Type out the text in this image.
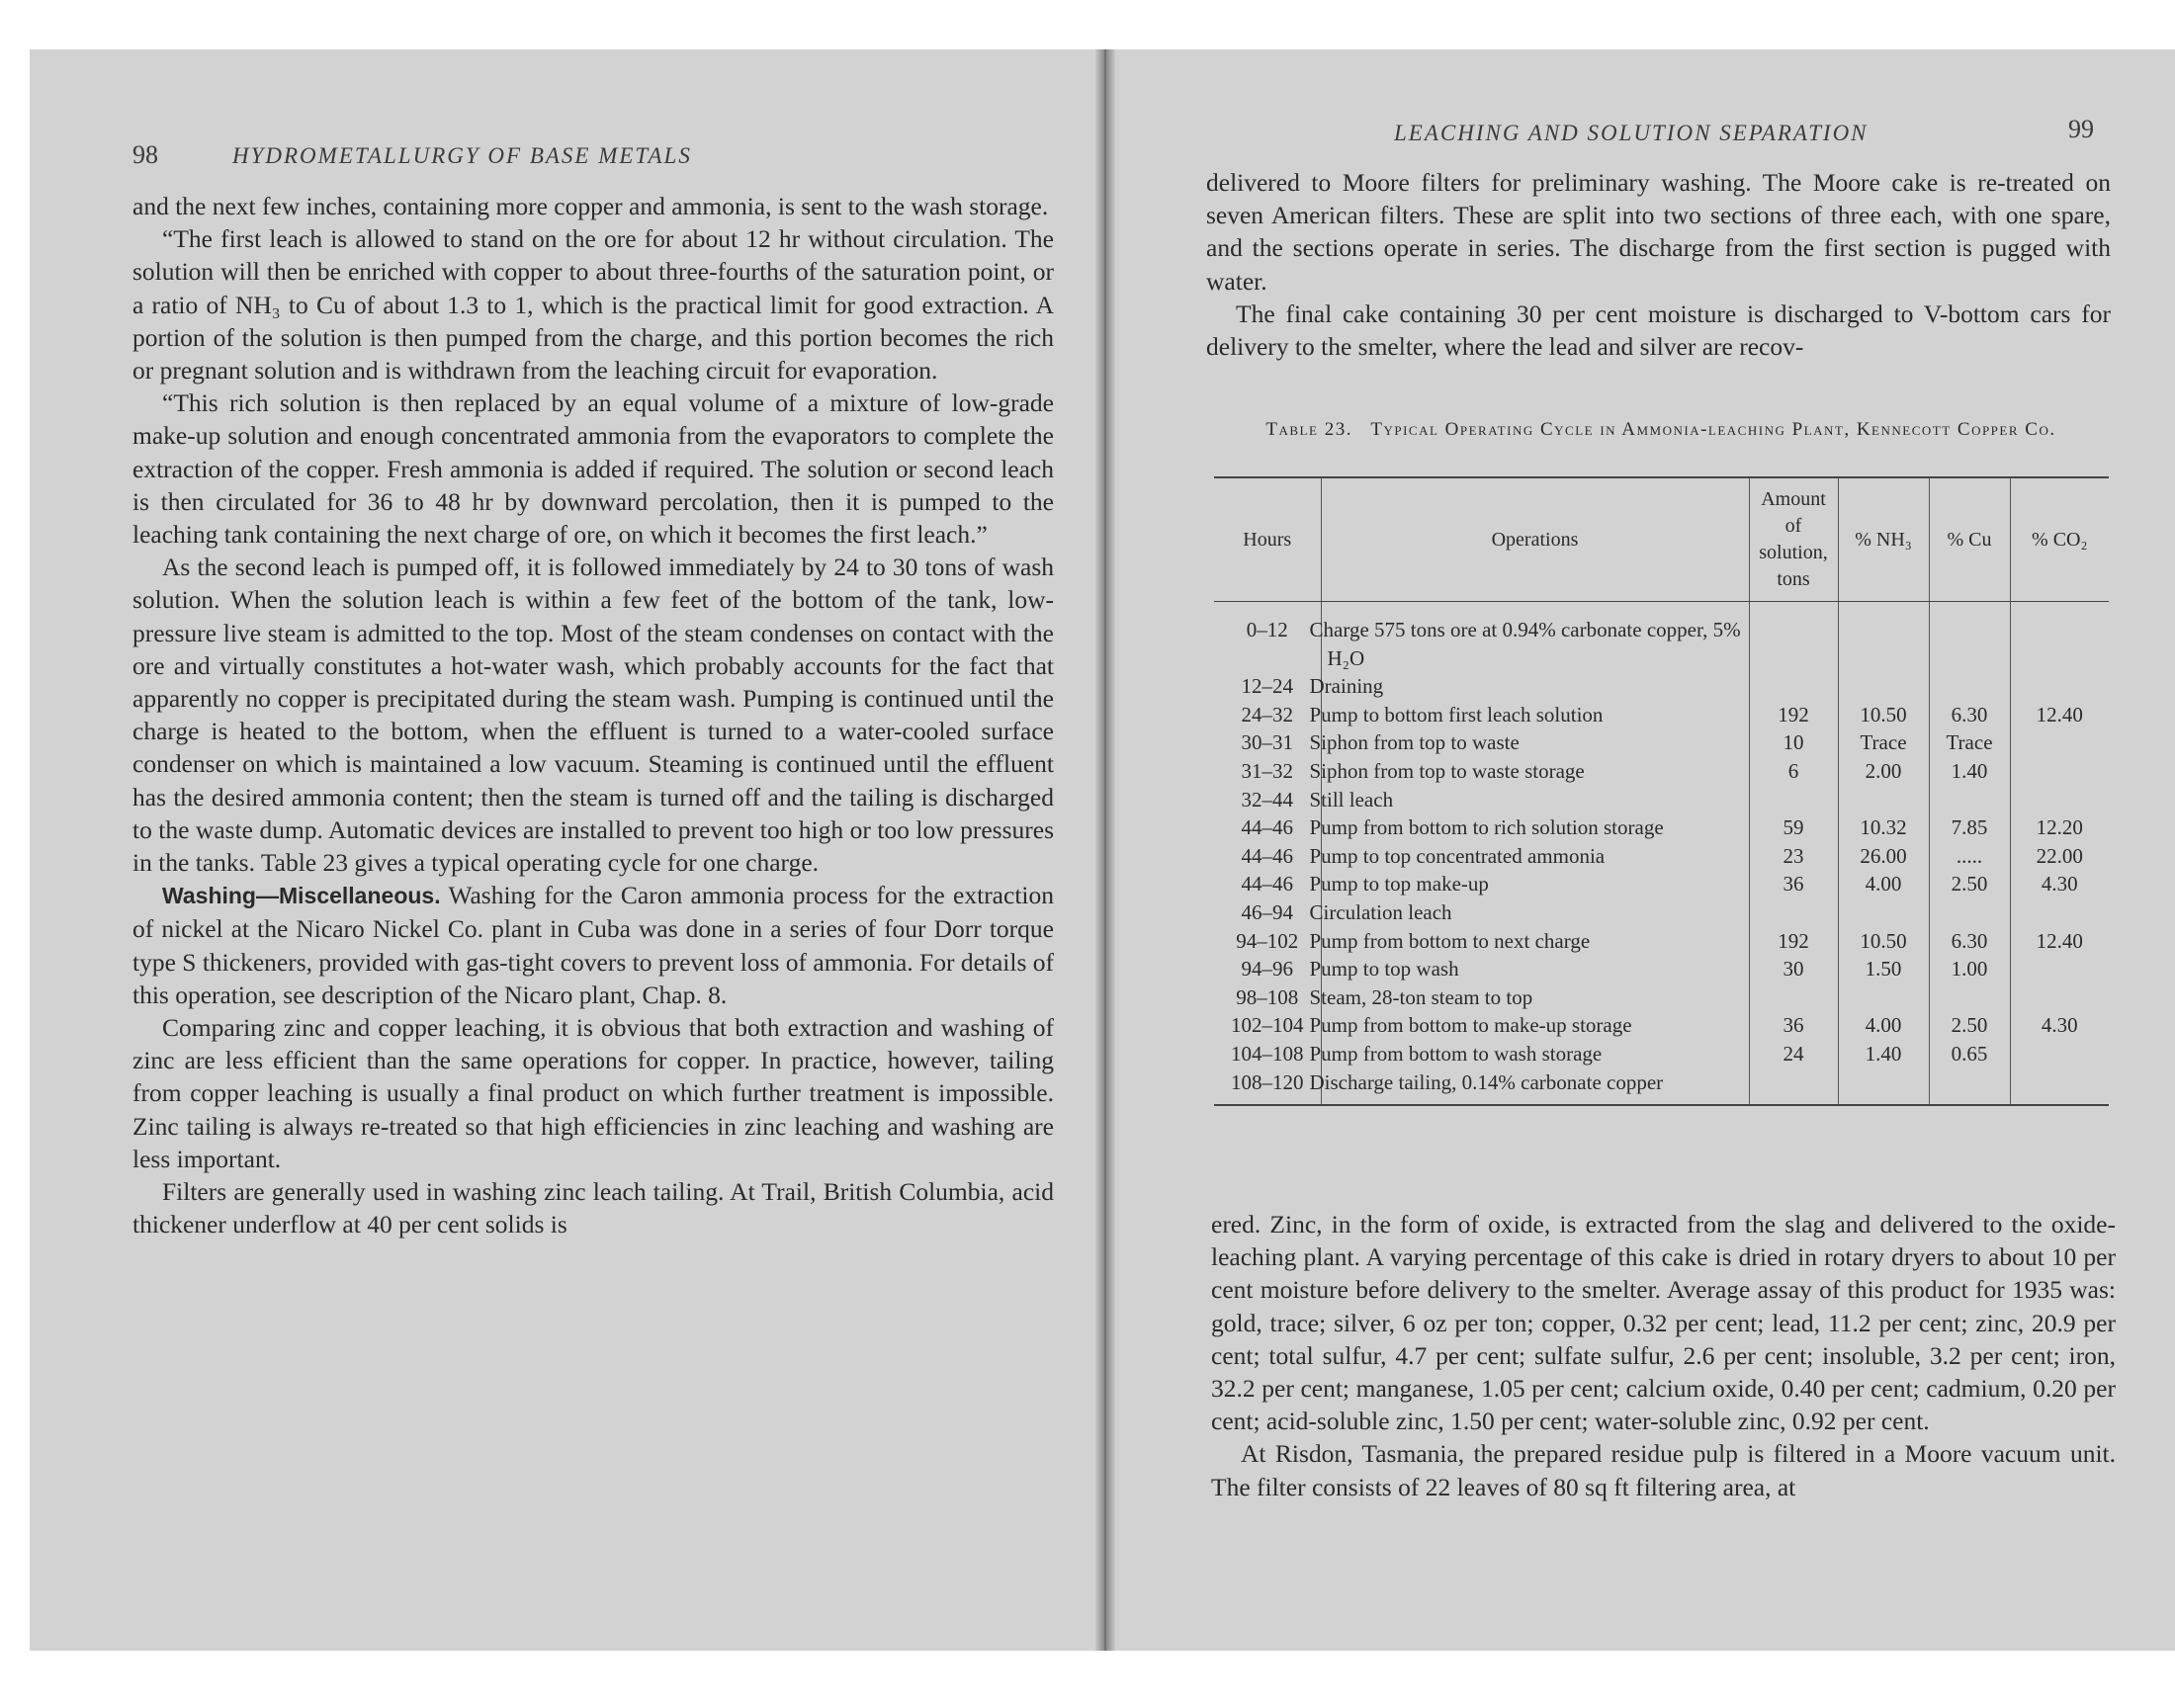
98	HYDROMETALLURGY OF BASE METALS

and the next few inches, containing more copper and ammonia, is sent to the wash storage.

“The first leach is allowed to stand on the ore for about 12 hr without circulation. The solution will then be enriched with copper to about three-fourths of the saturation point, or a ratio of NH₃ to Cu of about 1.3 to 1, which is the practical limit for good extraction. A portion of the solution is then pumped from the charge, and this portion becomes the rich or pregnant solution and is withdrawn from the leaching circuit for evaporation.

“This rich solution is then replaced by an equal volume of a mixture of low-grade make-up solution and enough concentrated ammonia from the evaporators to complete the extraction of the copper. Fresh ammonia is added if required. The solution or second leach is then circulated for 36 to 48 hr by downward percolation, then it is pumped to the leaching tank containing the next charge of ore, on which it becomes the first leach.”

As the second leach is pumped off, it is followed immediately by 24 to 30 tons of wash solution. When the solution leach is within a few feet of the bottom of the tank, low-pressure live steam is admitted to the top. Most of the steam condenses on contact with the ore and virtually constitutes a hot-water wash, which probably accounts for the fact that apparently no copper is precipitated during the steam wash. Pumping is continued until the charge is heated to the bottom, when the effluent is turned to a water-cooled surface condenser on which is maintained a low vacuum. Steaming is continued until the effluent has the desired ammonia content; then the steam is turned off and the tailing is discharged to the waste dump. Automatic devices are installed to prevent too high or too low pressures in the tanks. Table 23 gives a typical operating cycle for one charge.

Washing—Miscellaneous. Washing for the Caron ammonia process for the extraction of nickel at the Nicaro Nickel Co. plant in Cuba was done in a series of four Dorr torque type S thickeners, provided with gas-tight covers to prevent loss of ammonia. For details of this operation, see description of the Nicaro plant, Chap. 8.

Comparing zinc and copper leaching, it is obvious that both extraction and washing of zinc are less efficient than the same operations for copper. In practice, however, tailing from copper leaching is usually a final product on which further treatment is impossible. Zinc tailing is always re-treated so that high efficiencies in zinc leaching and washing are less important.

Filters are generally used in washing zinc leach tailing. At Trail, British Columbia, acid thickener underflow at 40 per cent solids is

LEACHING AND SOLUTION SEPARATION	99

delivered to Moore filters for preliminary washing. The Moore cake is re-treated on seven American filters. These are split into two sections of three each, with one spare, and the sections operate in series. The discharge from the first section is pugged with water.

The final cake containing 30 per cent moisture is discharged to V-bottom cars for delivery to the smelter, where the lead and silver are recov-

Table 23. Typical Operating Cycle in Ammonia-leaching Plant, Kennecott Copper Co.
Hours	Operations	Amount of solution, tons	% NH₃	% Cu	% CO₂
0–12	Charge 575 tons ore at 0.94% carbonate copper, 5% H₂O				
12–24	Draining				
24–32	Pump to bottom first leach solution	192	10.50	6.30	12.40
30–31	Siphon from top to waste	10	Trace	Trace	
31–32	Siphon from top to waste storage	6	2.00	1.40	
32–44	Still leach				
44–46	Pump from bottom to rich solution storage	59	10.32	7.85	12.20
44–46	Pump to top concentrated ammonia	23	26.00	.....	22.00
44–46	Pump to top make-up	36	4.00	2.50	4.30
46–94	Circulation leach				
94–102	Pump from bottom to next charge	192	10.50	6.30	12.40
94–96	Pump to top wash	30	1.50	1.00	
98–108	Steam, 28-ton steam to top				
102–104	Pump from bottom to make-up storage	36	4.00	2.50	4.30
104–108	Pump from bottom to wash storage	24	1.40	0.65	
108–120	Discharge tailing, 0.14% carbonate copper				

ered. Zinc, in the form of oxide, is extracted from the slag and delivered to the oxide-leaching plant. A varying percentage of this cake is dried in rotary dryers to about 10 per cent moisture before delivery to the smelter. Average assay of this product for 1935 was: gold, trace; silver, 6 oz per ton; copper, 0.32 per cent; lead, 11.2 per cent; zinc, 20.9 per cent; total sulfur, 4.7 per cent; sulfate sulfur, 2.6 per cent; insoluble, 3.2 per cent; iron, 32.2 per cent; manganese, 1.05 per cent; calcium oxide, 0.40 per cent; cadmium, 0.20 per cent; acid-soluble zinc, 1.50 per cent; water-soluble zinc, 0.92 per cent.

At Risdon, Tasmania, the prepared residue pulp is filtered in a Moore vacuum unit. The filter consists of 22 leaves of 80 sq ft filtering area, at
